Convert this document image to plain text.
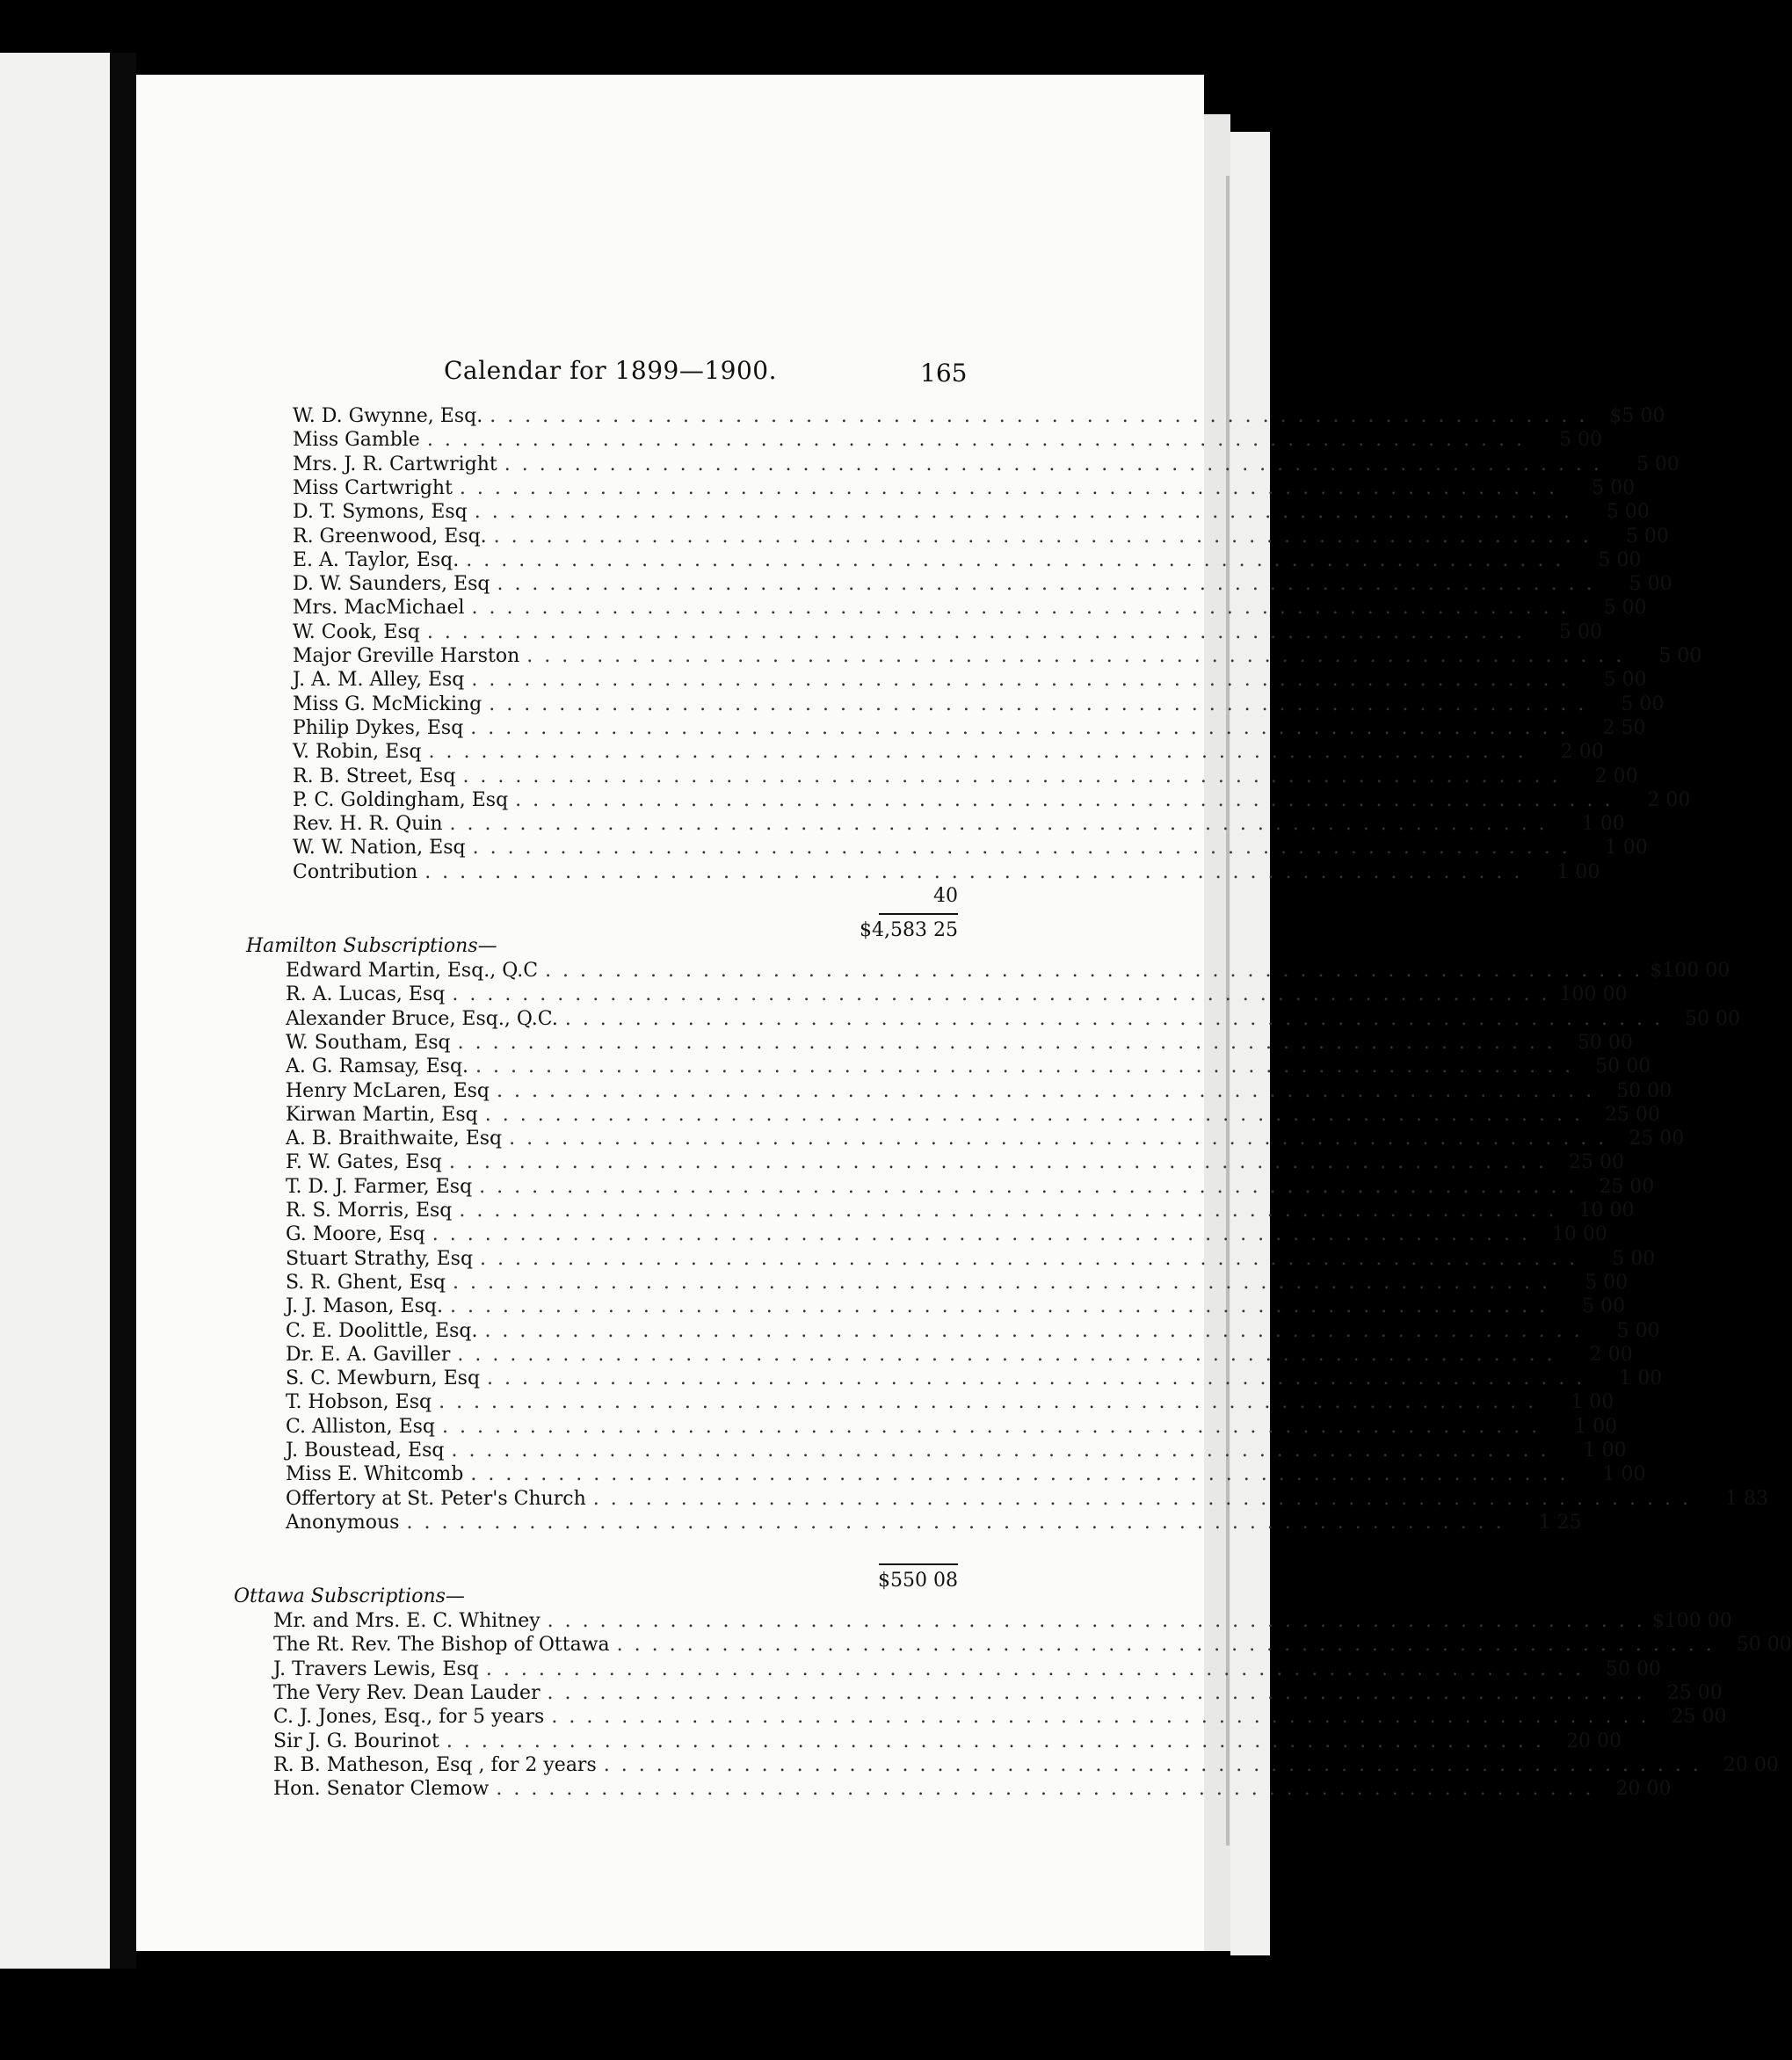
Calendar for 1899—1900.	165
W. D. Gwynne, Esq. . . . . . . . . . . . . . . . . . . . . . . . . . . . . . . . . . . . . . . . . . . . . . . . . . . . . . . . . . . . . . . .	$5 00
Miss Gamble . . . . . . . . . . . . . . . . . . . . . . . . . . . . . . . . . . . . . . . . . . . . . . . . . . . . . . . . . . . . . . .	5 00
Mrs. J. R. Cartwright . . . . . . . . . . . . . . . . . . . . . . . . . . . . . . . . . . . . . . . . . . . . . . . . . . . . . . . . . . . . . . .	5 00
Miss Cartwright . . . . . . . . . . . . . . . . . . . . . . . . . . . . . . . . . . . . . . . . . . . . . . . . . . . . . . . . . . . . . . .	5 00
D. T. Symons, Esq . . . . . . . . . . . . . . . . . . . . . . . . . . . . . . . . . . . . . . . . . . . . . . . . . . . . . . . . . . . . . . .	5 00
R. Greenwood, Esq. . . . . . . . . . . . . . . . . . . . . . . . . . . . . . . . . . . . . . . . . . . . . . . . . . . . . . . . . . . . . . . .	5 00
E. A. Taylor, Esq. . . . . . . . . . . . . . . . . . . . . . . . . . . . . . . . . . . . . . . . . . . . . . . . . . . . . . . . . . . . . . . .	5 00
D. W. Saunders, Esq . . . . . . . . . . . . . . . . . . . . . . . . . . . . . . . . . . . . . . . . . . . . . . . . . . . . . . . . . . . . . . .	5 00
Mrs. MacMichael . . . . . . . . . . . . . . . . . . . . . . . . . . . . . . . . . . . . . . . . . . . . . . . . . . . . . . . . . . . . . . .	5 00
W. Cook, Esq . . . . . . . . . . . . . . . . . . . . . . . . . . . . . . . . . . . . . . . . . . . . . . . . . . . . . . . . . . . . . . .	5 00
Major Greville Harston . . . . . . . . . . . . . . . . . . . . . . . . . . . . . . . . . . . . . . . . . . . . . . . . . . . . . . . . . . . . . . .	5 00
J. A. M. Alley, Esq . . . . . . . . . . . . . . . . . . . . . . . . . . . . . . . . . . . . . . . . . . . . . . . . . . . . . . . . . . . . . . .	5 00
Miss G. McMicking . . . . . . . . . . . . . . . . . . . . . . . . . . . . . . . . . . . . . . . . . . . . . . . . . . . . . . . . . . . . . . .	5 00
Philip Dykes, Esq . . . . . . . . . . . . . . . . . . . . . . . . . . . . . . . . . . . . . . . . . . . . . . . . . . . . . . . . . . . . . . .	2 50
V. Robin, Esq . . . . . . . . . . . . . . . . . . . . . . . . . . . . . . . . . . . . . . . . . . . . . . . . . . . . . . . . . . . . . . .	2 00
R. B. Street, Esq . . . . . . . . . . . . . . . . . . . . . . . . . . . . . . . . . . . . . . . . . . . . . . . . . . . . . . . . . . . . . . .	2 00
P. C. Goldingham, Esq . . . . . . . . . . . . . . . . . . . . . . . . . . . . . . . . . . . . . . . . . . . . . . . . . . . . . . . . . . . . . . .	2 00
Rev. H. R. Quin . . . . . . . . . . . . . . . . . . . . . . . . . . . . . . . . . . . . . . . . . . . . . . . . . . . . . . . . . . . . . . .	1 00
W. W. Nation, Esq . . . . . . . . . . . . . . . . . . . . . . . . . . . . . . . . . . . . . . . . . . . . . . . . . . . . . . . . . . . . . . .	1 00
Contribution . . . . . . . . . . . . . . . . . . . . . . . . . . . . . . . . . . . . . . . . . . . . . . . . . . . . . . . . . . . . . . .	1 00
40
$4,583 25
Hamilton Subscriptions—
Edward Martin, Esq., Q.C . . . . . . . . . . . . . . . . . . . . . . . . . . . . . . . . . . . . . . . . . . . . . . . . . . . . . . . . . . . . . . . $100 00
R. A. Lucas, Esq . . . . . . . . . . . . . . . . . . . . . . . . . . . . . . . . . . . . . . . . . . . . . . . . . . . . . . . . . . . . . . . 100 00
Alexander Bruce, Esq., Q.C. . . . . . . . . . . . . . . . . . . . . . . . . . . . . . . . . . . . . . . . . . . . . . . . . . . . . . . . . . . . . . . .	50 00
W. Southam, Esq . . . . . . . . . . . . . . . . . . . . . . . . . . . . . . . . . . . . . . . . . . . . . . . . . . . . . . . . . . . . . . .	50 00
A. G. Ramsay, Esq. . . . . . . . . . . . . . . . . . . . . . . . . . . . . . . . . . . . . . . . . . . . . . . . . . . . . . . . . . . . . . . .	50 00
Henry McLaren, Esq . . . . . . . . . . . . . . . . . . . . . . . . . . . . . . . . . . . . . . . . . . . . . . . . . . . . . . . . . . . . . . .	50 00
Kirwan Martin, Esq . . . . . . . . . . . . . . . . . . . . . . . . . . . . . . . . . . . . . . . . . . . . . . . . . . . . . . . . . . . . . . .	25 00
A. B. Braithwaite, Esq . . . . . . . . . . . . . . . . . . . . . . . . . . . . . . . . . . . . . . . . . . . . . . . . . . . . . . . . . . . . . . .	25 00
F. W. Gates, Esq . . . . . . . . . . . . . . . . . . . . . . . . . . . . . . . . . . . . . . . . . . . . . . . . . . . . . . . . . . . . . . .	25 00
T. D. J. Farmer, Esq . . . . . . . . . . . . . . . . . . . . . . . . . . . . . . . . . . . . . . . . . . . . . . . . . . . . . . . . . . . . . . .	25 00
R. S. Morris, Esq . . . . . . . . . . . . . . . . . . . . . . . . . . . . . . . . . . . . . . . . . . . . . . . . . . . . . . . . . . . . . . .	10 00
G. Moore, Esq . . . . . . . . . . . . . . . . . . . . . . . . . . . . . . . . . . . . . . . . . . . . . . . . . . . . . . . . . . . . . . .	10 00
Stuart Strathy, Esq . . . . . . . . . . . . . . . . . . . . . . . . . . . . . . . . . . . . . . . . . . . . . . . . . . . . . . . . . . . . . . .	5 00
S. R. Ghent, Esq . . . . . . . . . . . . . . . . . . . . . . . . . . . . . . . . . . . . . . . . . . . . . . . . . . . . . . . . . . . . . . .	5 00
J. J. Mason, Esq. . . . . . . . . . . . . . . . . . . . . . . . . . . . . . . . . . . . . . . . . . . . . . . . . . . . . . . . . . . . . . . .	5 00
C. E. Doolittle, Esq. . . . . . . . . . . . . . . . . . . . . . . . . . . . . . . . . . . . . . . . . . . . . . . . . . . . . . . . . . . . . . . .	5 00
Dr. E. A. Gaviller . . . . . . . . . . . . . . . . . . . . . . . . . . . . . . . . . . . . . . . . . . . . . . . . . . . . . . . . . . . . . . .	2 00
S. C. Mewburn, Esq . . . . . . . . . . . . . . . . . . . . . . . . . . . . . . . . . . . . . . . . . . . . . . . . . . . . . . . . . . . . . . .	1 00
T. Hobson, Esq . . . . . . . . . . . . . . . . . . . . . . . . . . . . . . . . . . . . . . . . . . . . . . . . . . . . . . . . . . . . . . .	1 00
C. Alliston, Esq . . . . . . . . . . . . . . . . . . . . . . . . . . . . . . . . . . . . . . . . . . . . . . . . . . . . . . . . . . . . . . .	1 00
J. Boustead, Esq . . . . . . . . . . . . . . . . . . . . . . . . . . . . . . . . . . . . . . . . . . . . . . . . . . . . . . . . . . . . . . .	1 00
Miss E. Whitcomb . . . . . . . . . . . . . . . . . . . . . . . . . . . . . . . . . . . . . . . . . . . . . . . . . . . . . . . . . . . . . . .	1 00
Offertory at St. Peter's Church . . . . . . . . . . . . . . . . . . . . . . . . . . . . . . . . . . . . . . . . . . . . . . . . . . . . . . . . . . . . . . .	1 83
Anonymous . . . . . . . . . . . . . . . . . . . . . . . . . . . . . . . . . . . . . . . . . . . . . . . . . . . . . . . . . . . . . . .	1 25
$550 08
Ottawa Subscriptions—
Mr. and Mrs. E. C. Whitney . . . . . . . . . . . . . . . . . . . . . . . . . . . . . . . . . . . . . . . . . . . . . . . . . . . . . . . . . . . . . . . $100 00
The Rt. Rev. The Bishop of Ottawa . . . . . . . . . . . . . . . . . . . . . . . . . . . . . . . . . . . . . . . . . . . . . . . . . . . . . . . . . . . . . . .	50 00
J. Travers Lewis, Esq . . . . . . . . . . . . . . . . . . . . . . . . . . . . . . . . . . . . . . . . . . . . . . . . . . . . . . . . . . . . . . .	50 00
The Very Rev. Dean Lauder . . . . . . . . . . . . . . . . . . . . . . . . . . . . . . . . . . . . . . . . . . . . . . . . . . . . . . . . . . . . . . .	25 00
C. J. Jones, Esq., for 5 years . . . . . . . . . . . . . . . . . . . . . . . . . . . . . . . . . . . . . . . . . . . . . . . . . . . . . . . . . . . . . . .	25 00
Sir J. G. Bourinot . . . . . . . . . . . . . . . . . . . . . . . . . . . . . . . . . . . . . . . . . . . . . . . . . . . . . . . . . . . . . . .	20 00
R. B. Matheson, Esq , for 2 years . . . . . . . . . . . . . . . . . . . . . . . . . . . . . . . . . . . . . . . . . . . . . . . . . . . . . . . . . . . . . . .	20 00
Hon. Senator Clemow . . . . . . . . . . . . . . . . . . . . . . . . . . . . . . . . . . . . . . . . . . . . . . . . . . . . . . . . . . . . . . .	20 00
